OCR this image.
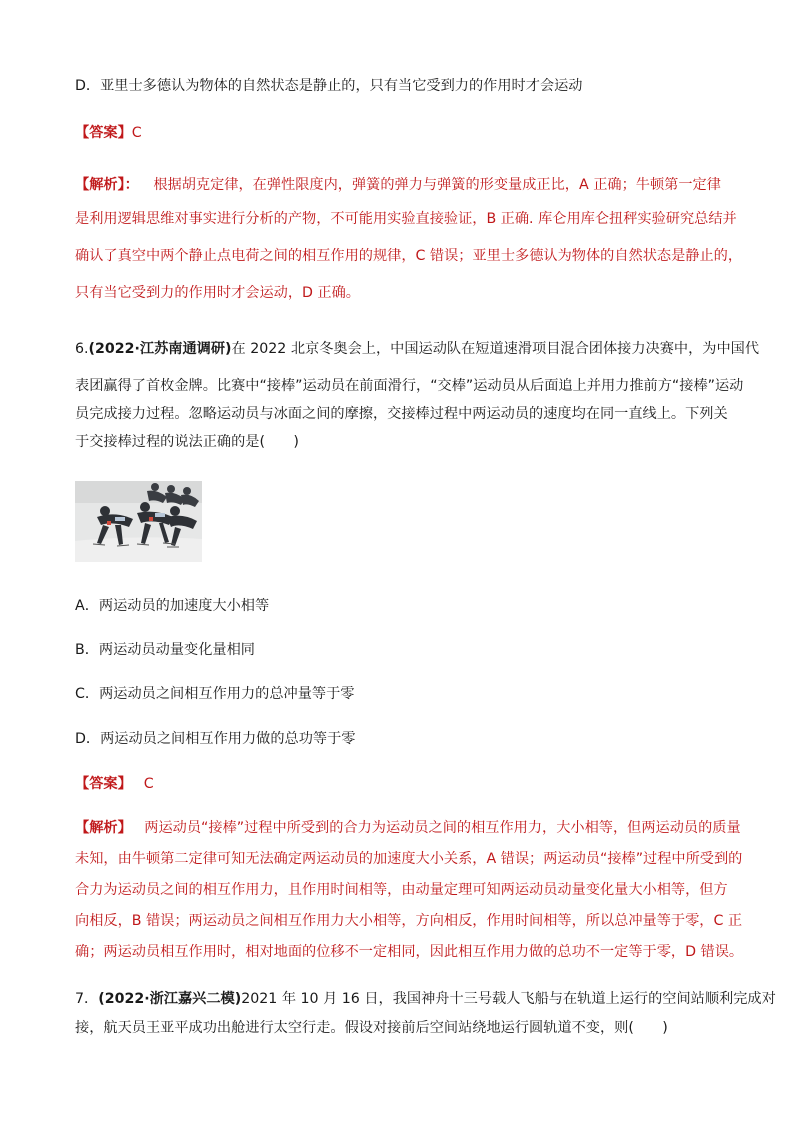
D．亚里士多德认为物体的自然状态是静止的，只有当它受到力的作用时才会运动
【答案】C
【解析】： 根据胡克定律，在弹性限度内，弹簧的弹力与弹簧的形变量成正比，A 正确；牛顿第一定律
是利用逻辑思维对事实进行分析的产物，不可能用实验直接验证，B 正确. 库仑用库仑扭秤实验研究总结并
确认了真空中两个静止点电荷之间的相互作用的规律，C 错误；亚里士多德认为物体的自然状态是静止的，
只有当它受到力的作用时才会运动，D 正确。
6.(2022·江苏南通调研)在 2022 北京冬奥会上，中国运动队在短道速滑项目混合团体接力决赛中，为中国代
表团赢得了首枚金牌。比赛中“接棒”运动员在前面滑行，“交棒”运动员从后面追上并用力推前方“接棒”运动
员完成接力过程。忽略运动员与冰面之间的摩擦，交接棒过程中两运动员的速度均在同一直线上。下列关
于交接棒过程的说法正确的是(　　)
A．两运动员的加速度大小相等
B．两运动员动量变化量相同
C．两运动员之间相互作用力的总冲量等于零
D．两运动员之间相互作用力做的总功等于零
【答案】 C
【解析】 两运动员“接棒”过程中所受到的合力为运动员之间的相互作用力，大小相等，但两运动员的质量
未知，由牛顿第二定律可知无法确定两运动员的加速度大小关系，A 错误；两运动员“接棒”过程中所受到的
合力为运动员之间的相互作用力，且作用时间相等，由动量定理可知两运动员动量变化量大小相等，但方
向相反，B 错误；两运动员之间相互作用力大小相等，方向相反，作用时间相等，所以总冲量等于零，C 正
确；两运动员相互作用时，相对地面的位移不一定相同，因此相互作用力做的总功不一定等于零，D 错误。
7．(2022·浙江嘉兴二模)2021 年 10 月 16 日，我国神舟十三号载人飞船与在轨道上运行的空间站顺利完成对
接，航天员王亚平成功出舱进行太空行走。假设对接前后空间站绕地运行圆轨道不变，则(　　)
